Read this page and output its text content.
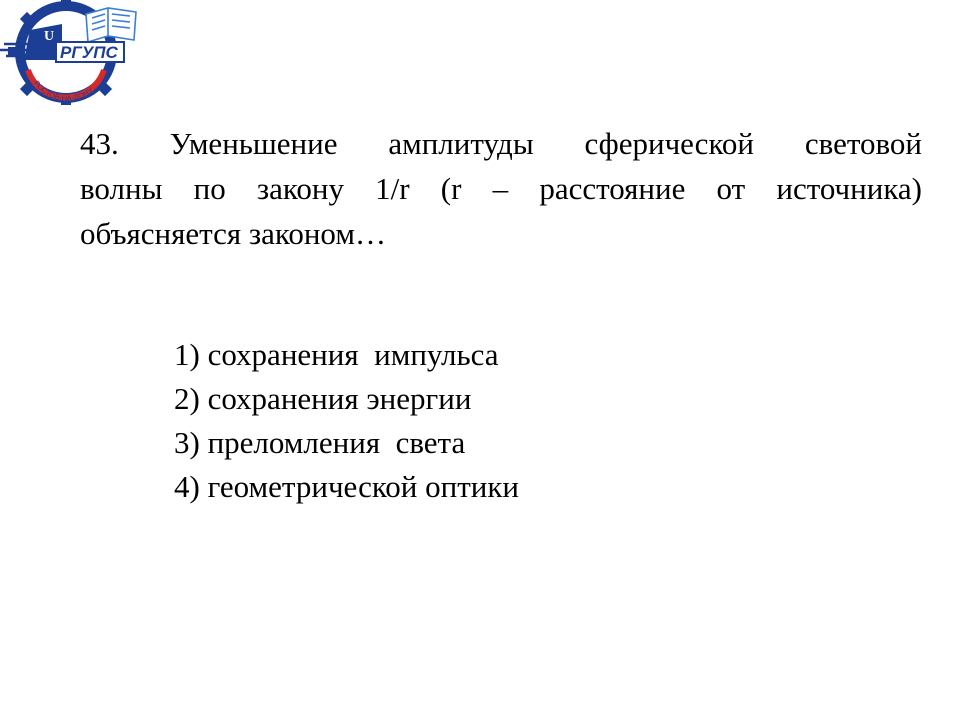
РГУПС
U
РОСТОВ-НА-ДОНУ
43. Уменьшение амплитуды сферической световой
волны по закону 1/r (r – расстояние от источника)
объясняется законом…
1) сохранения  импульса
2) сохранения энергии
3) преломления  света
4) геометрической оптики
